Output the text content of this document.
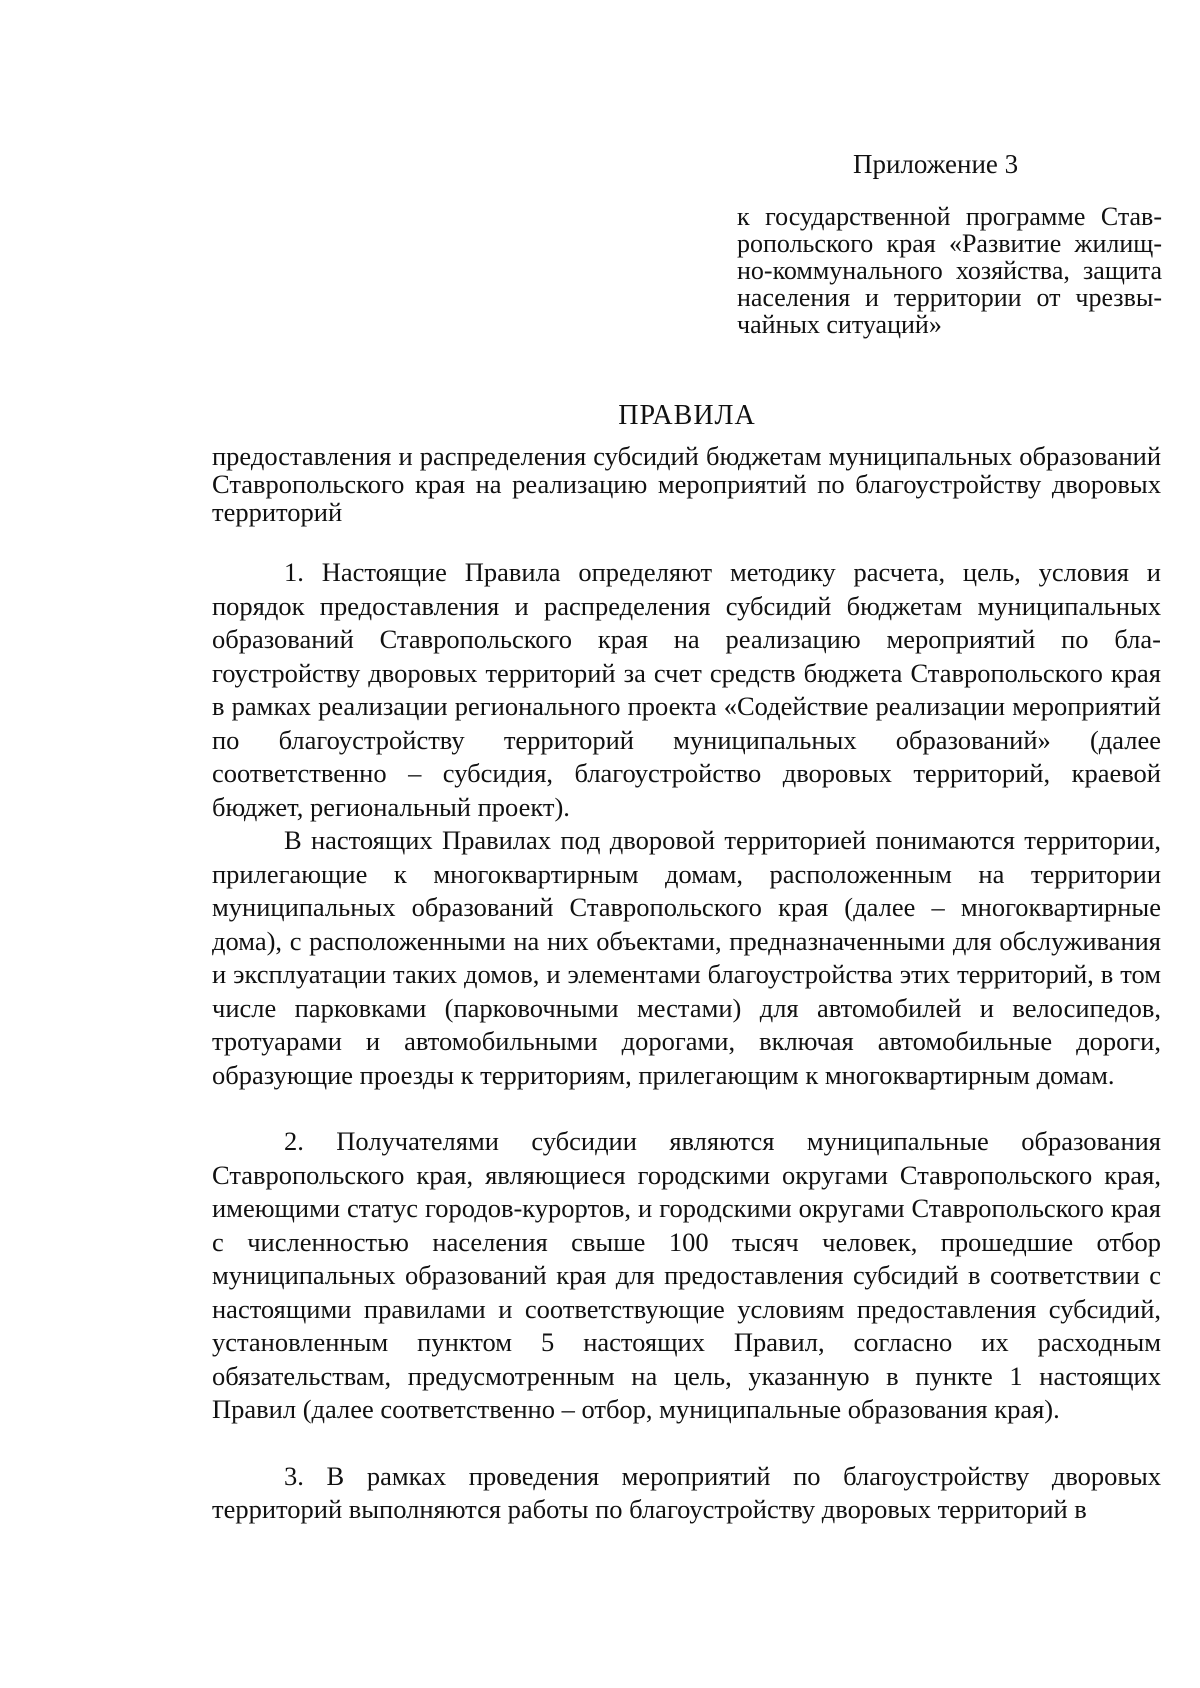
Приложение 3
к государственной программе Ставропольского края «Развитие жилищно-коммунального хозяйства, защита населения и территории от чрезвычайных ситуаций»
ПРАВИЛА
предоставления и распределения субсидий бюджетам муниципальных образований Ставропольского края на реализацию мероприятий по благоустройству дворовых территорий

1. Настоящие Правила определяют методику расчета, цель, условия и порядок предоставления и распределения субсидий бюджетам муниципальных образований Ставропольского края на реализацию мероприятий по благоустройству дворовых территорий за счет средств бюджета Ставропольского края в рамках реализации регионального проекта «Содействие реализации мероприятий по благоустройству территорий муниципальных образований» (далее соответственно – субсидия, благоустройство дворовых территорий, краевой бюджет, региональный проект).

В настоящих Правилах под дворовой территорией понимаются территории, прилегающие к многоквартирным домам, расположенным на территории муниципальных образований Ставропольского края (далее – многоквартирные дома), с расположенными на них объектами, предназначенными для обслуживания и эксплуатации таких домов, и элементами благоустройства этих территорий, в том числе парковками (парковочными местами) для автомобилей и велосипедов, тротуарами и автомобильными дорогами, включая автомобильные дороги, образующие проезды к территориям, прилегающим к многоквартирным домам.

2. Получателями субсидии являются муниципальные образования Ставропольского края, являющиеся городскими округами Ставропольского края, имеющими статус городов-курортов, и городскими округами Ставропольского края с численностью населения свыше 100 тысяч человек, прошедшие отбор муниципальных образований края для предоставления субсидий в соответствии с настоящими правилами и соответствующие условиям предоставления субсидий, установленным пунктом 5 настоящих Правил, согласно их расходным обязательствам, предусмотренным на цель, указанную в пункте 1 настоящих Правил (далее соответственно – отбор, муниципальные образования края).

3. В рамках проведения мероприятий по благоустройству дворовых территорий выполняются работы по благоустройству дворовых территорий в
